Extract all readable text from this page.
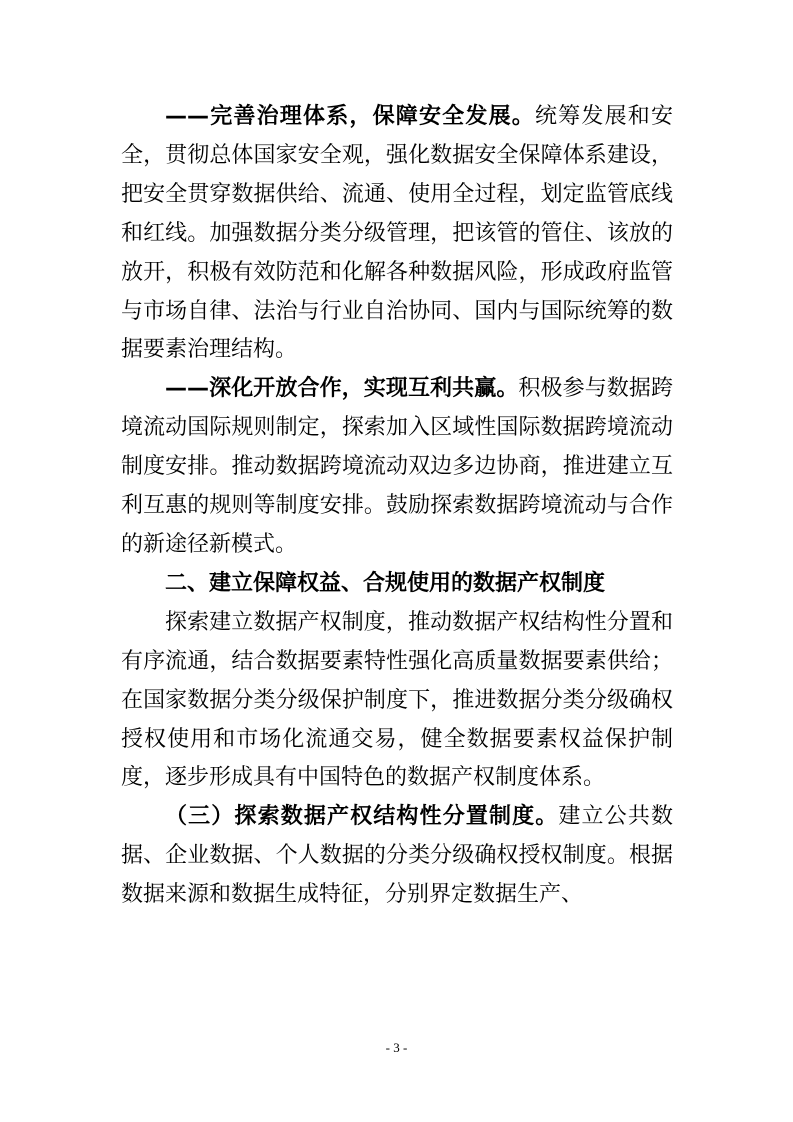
——完善治理体系，保障安全发展。统筹发展和安全，贯彻总体国家安全观，强化数据安全保障体系建设，把安全贯穿数据供给、流通、使用全过程，划定监管底线和红线。加强数据分类分级管理，把该管的管住、该放的放开，积极有效防范和化解各种数据风险，形成政府监管与市场自律、法治与行业自治协同、国内与国际统筹的数据要素治理结构。

——深化开放合作，实现互利共赢。积极参与数据跨境流动国际规则制定，探索加入区域性国际数据跨境流动制度安排。推动数据跨境流动双边多边协商，推进建立互利互惠的规则等制度安排。鼓励探索数据跨境流动与合作的新途径新模式。

二、建立保障权益、合规使用的数据产权制度

探索建立数据产权制度，推动数据产权结构性分置和有序流通，结合数据要素特性强化高质量数据要素供给；在国家数据分类分级保护制度下，推进数据分类分级确权授权使用和市场化流通交易，健全数据要素权益保护制度，逐步形成具有中国特色的数据产权制度体系。

（三）探索数据产权结构性分置制度。建立公共数据、企业数据、个人数据的分类分级确权授权制度。根据数据来源和数据生成特征，分别界定数据生产、

- 3 -
